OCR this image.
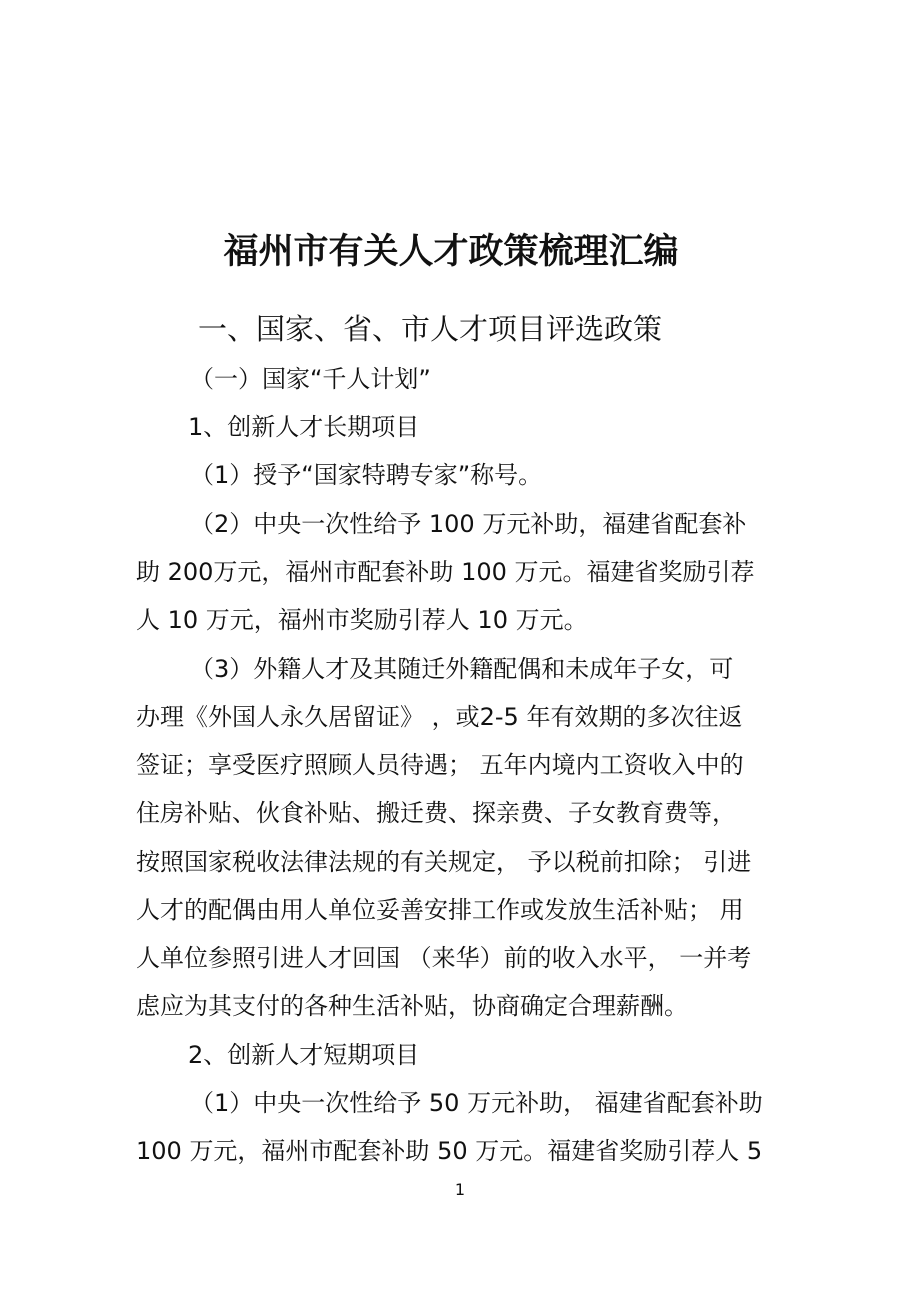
福州市有关人才政策梳理汇编
一、国家、省、市人才项目评选政策
（一）国家“千人计划”
1、创新人才长期项目
（1）授予“国家特聘专家”称号。
（2）中央一次性给予 100 万元补助，福建省配套补
助 200万元，福州市配套补助 100 万元。福建省奖励引荐
人 10 万元，福州市奖励引荐人 10 万元。
（3）外籍人才及其随迁外籍配偶和未成年子女，可
办理《外国人永久居留证》 ，或2-5 年有效期的多次往返
签证；享受医疗照顾人员待遇； 五年内境内工资收入中的
住房补贴、伙食补贴、搬迁费、探亲费、子女教育费等，
按照国家税收法律法规的有关规定， 予以税前扣除； 引进
人才的配偶由用人单位妥善安排工作或发放生活补贴； 用
人单位参照引进人才回国 （来华）前的收入水平， 一并考
虑应为其支付的各种生活补贴，协商确定合理薪酬。
2、创新人才短期项目
（1）中央一次性给予 50 万元补助， 福建省配套补助
100 万元，福州市配套补助 50 万元。福建省奖励引荐人 5
1
